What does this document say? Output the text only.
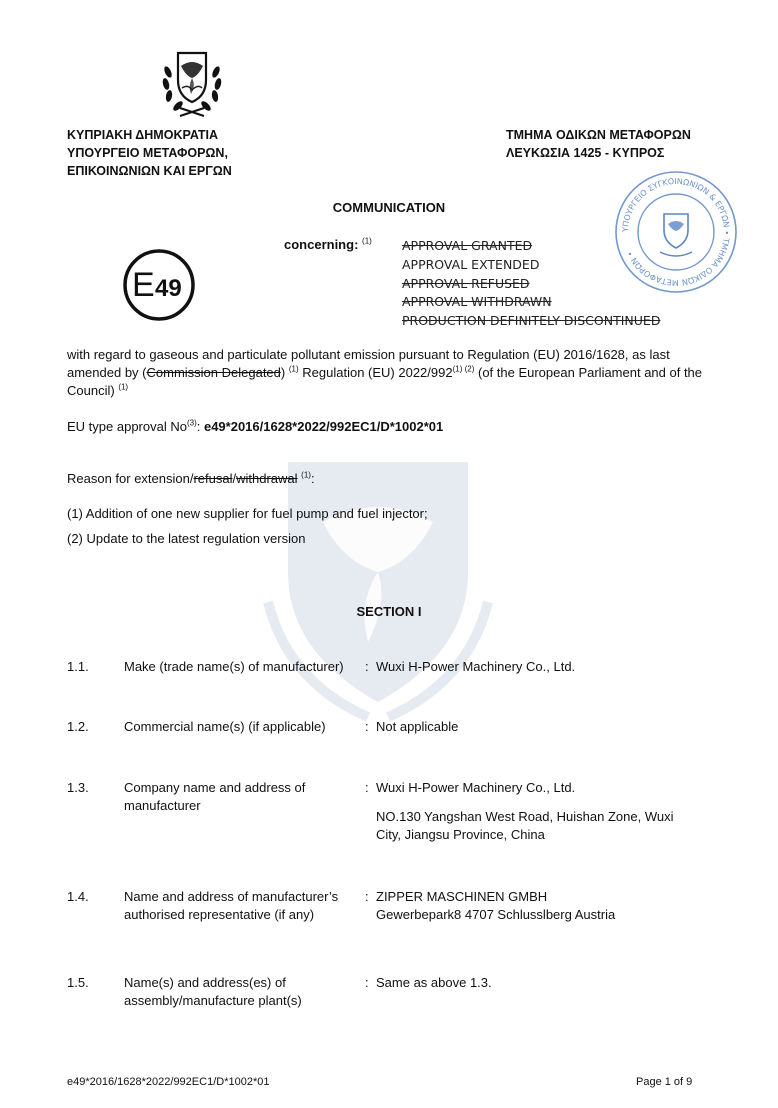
ΚΥΠΡΙΑΚΗ ΔΗΜΟΚΡΑΤΙΑ
ΥΠΟΥΡΓΕΙΟ ΜΕΤΑΦΟΡΩΝ,
ΕΠΙΚΟΙΝΩΝΙΩΝ ΚΑΙ ΕΡΓΩΝ
ΤΜΗΜΑ ΟΔΙΚΩΝ ΜΕΤΑΦΟΡΩΝ
ΛΕΥΚΩΣΙΑ 1425 - ΚΥΠΡΟΣ
COMMUNICATION
E 49
ΥΠΟΥΡΓΕΙΟ ΣΥΓΚΟΙΝΩΝΙΩΝ & ΕΡΓΩΝ • ΤΜΗΜΑ ΟΔΙΚΩΝ ΜΕΤΑΦΟΡΩΝ •
concerning: $^{(1)}$ APPROVAL GRANTED
APPROVAL EXTENDED
APPROVAL REFUSED
APPROVAL WITHDRAWN
PRODUCTION DEFINITELY DISCONTINUED
with regard to gaseous and particulate pollutant emission pursuant to Regulation (EU) 2016/1628, as last amended by (Commission Delegated) $^{(1)}$ Regulation (EU) $2022/992^{(1) (2)}$ (of the European Parliament and of the Council) $^{(1)}$
EU type approval No$^{(3)}$: e49*2016/1628*2022/992EC1/D*1002*01
Reason for extension/refusal/withdrawal $^{(1)}$:
(1) Addition of one new supplier for fuel pump and fuel injector;
(2) Update to the latest regulation version
SECTION I
1.1.	Make (trade name(s) of manufacturer)	: Wuxi H-Power Machinery Co., Ltd.
1.2.	Commercial name(s) (if applicable)	: Not applicable
1.3.	Company name and address of manufacturer
: Wuxi H-Power Machinery Co., Ltd.
NO.130 Yangshan West Road, Huishan Zone, Wuxi City, Jiangsu Province, China
1.4.	Name and address of manufacturer’s authorised representative (if any)
: ZIPPER MASCHINEN GMBH
Gewerbepark8 4707 Schlusslberg Austria
1.5.	Name(s) and address(es) of assembly/manufacture plant(s)
: Same as above 1.3.
e49*2016/1628*2022/992EC1/D*1002*01	Page 1 of 9
